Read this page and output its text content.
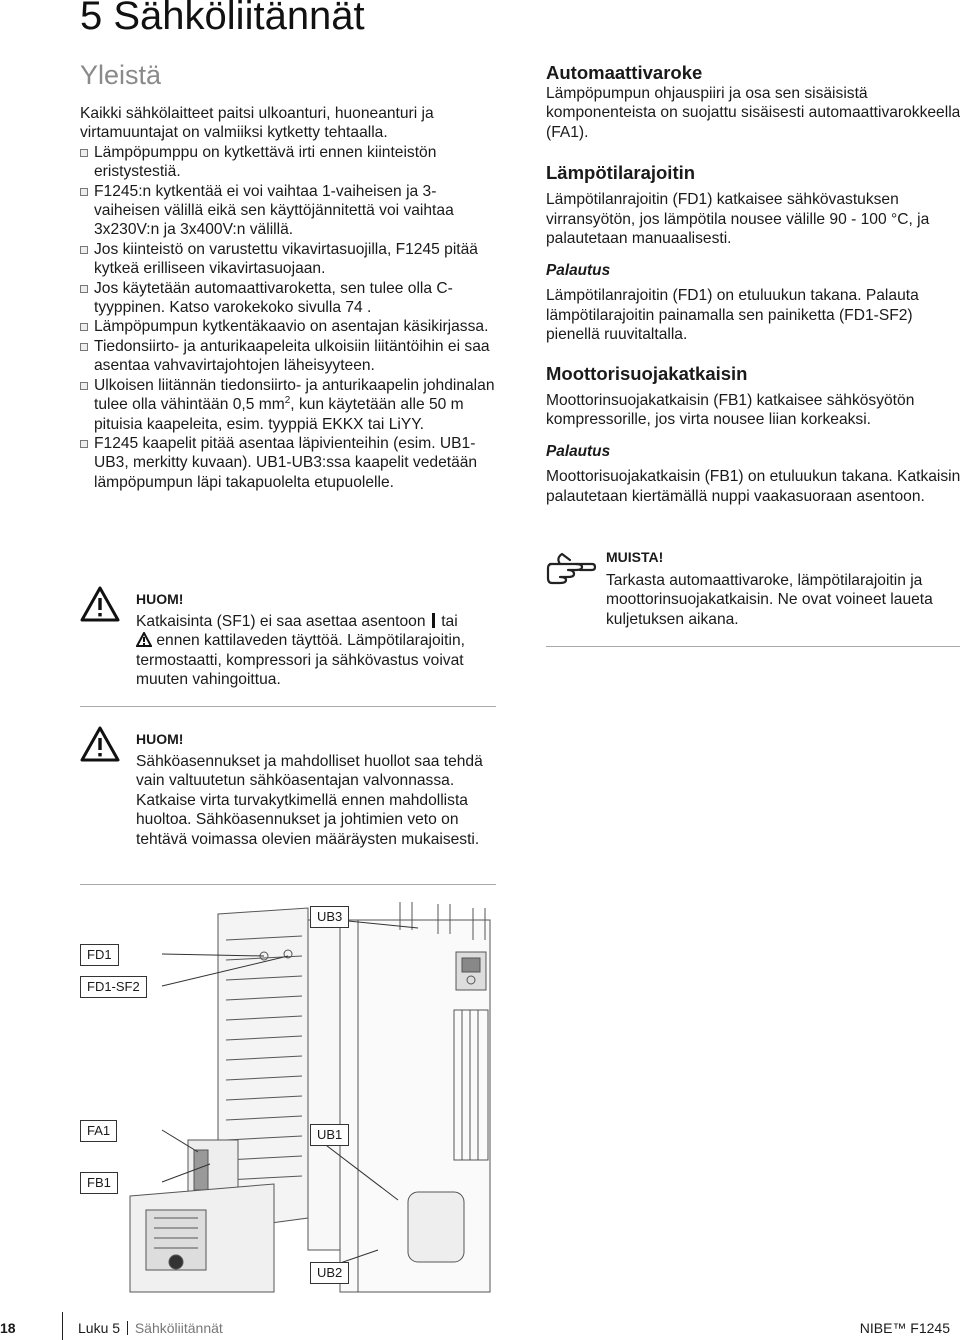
5 Sähköliitännät
Yleistä

Kaikki sähkölaitteet paitsi ulkoanturi, huoneanturi ja virtamuuntajat on valmiiksi kytketty tehtaalla.

Lämpöpumppu on kytkettävä irti ennen kiinteistön eristystestiä.
F1245:n kytkentää ei voi vaihtaa 1-vaiheisen ja 3-vaiheisen välillä eikä sen käyttöjännitettä voi vaihtaa 3x230V:n ja 3x400V:n välillä.
Jos kiinteistö on varustettu vikavirtasuojilla, F1245 pitää kytkeä erilliseen vikavirtasuojaan.
Jos käytetään automaattivaroketta, sen tulee olla C-tyyppinen. Katso varokekoko sivulla 74 .
Lämpöpumpun kytkentäkaavio on asentajan käsikirjassa.
Tiedonsiirto- ja anturikaapeleita ulkoisiin liitäntöihin ei saa asentaa vahvavirtajohtojen läheisyyteen.
Ulkoisen liitännän tiedonsiirto- ja anturikaapelin johdinalan tulee olla vähintään 0,5 $mm^2$, kun käytetään alle 50 m pituisia kaapeleita, esim. tyyppiä EKKX tai LiYY.
F1245 kaapelit pitää asentaa läpivienteihin (esim. UB1-UB3, merkitty kuvaan). UB1-UB3:ssa kaapelit vedetään lämpöpumpun läpi takapuolelta etupuolelle.
HUOM!
Katkaisinta (SF1) ei saa asettaa asentoon tai
ennen kattilaveden täyttöä. Lämpötilarajoitin, termostaatti, kompressori ja sähkövastus voivat muuten vahingoittua.
HUOM!
Sähköasennukset ja mahdolliset huollot saa tehdä vain valtuutetun sähköasentajan valvonnassa. Katkaise virta turvakytkimellä ennen mahdollista huoltoa. Sähköasennukset ja johtimien veto on tehtävä voimassa olevien määräysten mukaisesti.
Automaattivaroke

Lämpöpumpun ohjauspiiri ja osa sen sisäisistä komponenteista on suojattu sisäisesti automaattivarokkeella (FA1).

Lämpötilarajoitin

Lämpötilanrajoitin (FD1) katkaisee sähkövastuksen virransyötön, jos lämpötila nousee välille 90 - 100 °C, ja palautetaan manuaalisesti.

Palautus

Lämpötilanrajoitin (FD1) on etuluukun takana. Palauta lämpötilarajoitin painamalla sen painiketta (FD1-SF2) pienellä ruuvitaltalla.

Moottorisuojakatkaisin

Moottorinsuojakatkaisin (FB1) katkaisee sähkösyötön kompressorille, jos virta nousee liian korkeaksi.

Palautus

Moottorisuojakatkaisin (FB1) on etuluukun takana. Katkaisin palautetaan kiertämällä nuppi vaakasuoraan asentoon.

MUISTA!
Tarkasta automaattivaroke, lämpötilarajoitin ja moottorinsuojakatkaisin. Ne ovat voineet laueta kuljetuksen aikana.
FD1
FD1-SF2
FA1
FB1
UB1
UB2
UB3
18	Luku 5 Sähköliitännät	NIBE™ F1245
